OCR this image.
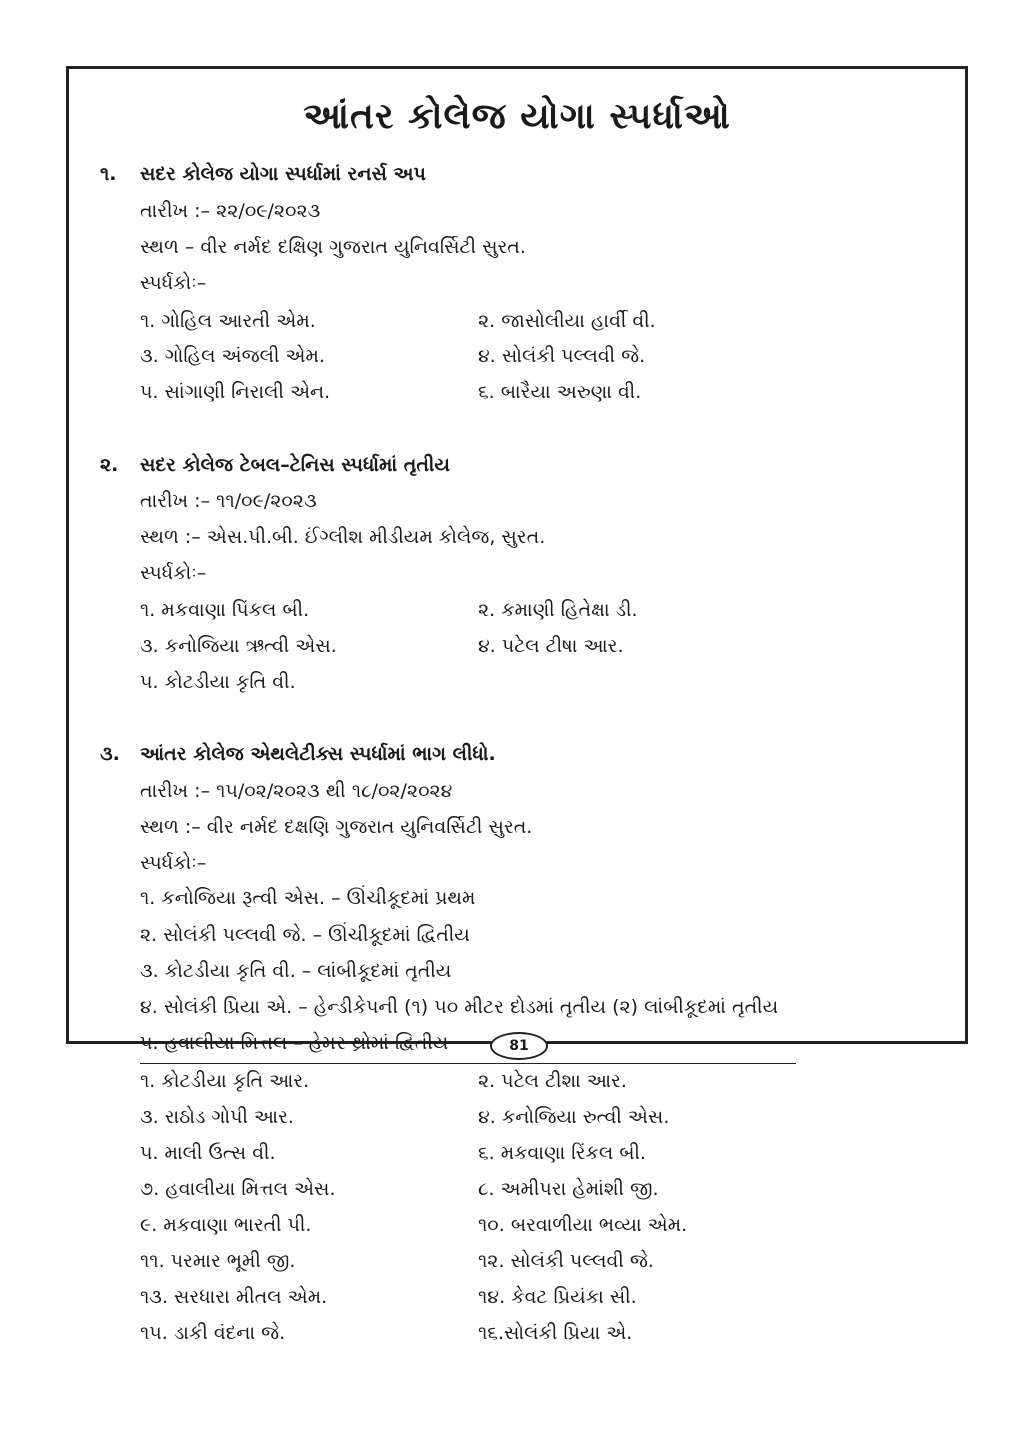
આંતર કોલેજ યોગા સ્પર્ધાઓ
૧. સદર કોલેજ યોગા સ્પર્ધામાં રનર્સ અપ
તારીખ :– ૨૨/૦૯/૨૦૨૩
સ્થળ – વીર નર્મદ દક્ષિણ ગુજરાત યુનિવર્સિટી સુરત.
સ્પર્ધકોઃ–
૧. ગોહિલ આરતી એમ.	૨. જાસોલીયા હાર્વી વી.
૩. ગોહિલ અંજલી એમ.	૪. સોલંકી પલ્લવી જે.
૫. સાંગાણી નિરાલી એન.	૬. બારૈયા અરુણા વી.
૨. સદર કોલેજ ટેબલ–ટેનિસ સ્પર્ધામાં તૃતીય
તારીખ :– ૧૧/૦૯/૨૦૨૩
સ્થળ :– એસ.પી.બી. ઈંગ્લીશ મીડીયમ કોલેજ, સુરત.
સ્પર્ધકોઃ–
૧. મકવાણા પિંકલ બી.	૨. કમાણી હિતેક્ષા ડી.
૩. કનોજિયા ઋત્વી એસ.	૪. પટેલ ટીષા આર.
૫. કોટડીયા કૃતિ વી.
૩. આંતર કોલેજ એથલેટીક્સ સ્પર્ધામાં ભાગ લીધો.
તારીખ :– ૧૫/૦૨/૨૦૨૩ થી ૧૮/૦૨/૨૦૨૪
સ્થળ :– વીર નર્મદ દક્ષણિ ગુજરાત યુનિવર્સિટી સુરત.
સ્પર્ધકોઃ–
૧. કનોજિયા રૂત્વી એસ. – ઊંચીકૂદમાં પ્રથમ
૨. સોલંકી પલ્લવી જે. – ઊંચીકૂદમાં દ્વિતીય
૩. કોટડીયા કૃતિ વી. – લાંબીકૂદમાં તૃતીય
૪. સોલંકી પ્રિયા એ. – હેન્ડીકેપની (૧) ૫૦ મીટર દોડમાં તૃતીય (૨) લાંબીકૂદમાં તૃતીય
૫. હવાલીયા મિત્તલ – હેમર થ્રોમાં દ્વિતીય	81
૧. કોટડીયા કૃતિ આર.	૨. પટેલ ટીશા આર.
૩. રાઠોડ ગોપી આર.	૪. કનોજિયા રુત્વી એસ.
૫. માલી ઉત્સ વી.	૬. મકવાણા રિંકલ બી.
૭. હવાલીયા મિત્તલ એસ.	૮. અમીપરા હેમાંશી જી.
૯. મકવાણા ભારતી પી.	૧૦. બરવાળીયા ભવ્યા એમ.
૧૧. પરમાર ભૂમી જી.	૧૨. સોલંકી પલ્લવી જે.
૧૩. સરધારા મીતલ એમ.	૧૪. કેવટ પ્રિયંકા સી.
૧૫. ડાકી વંદના જે.	૧૬.સોલંકી પ્રિયા એ.
